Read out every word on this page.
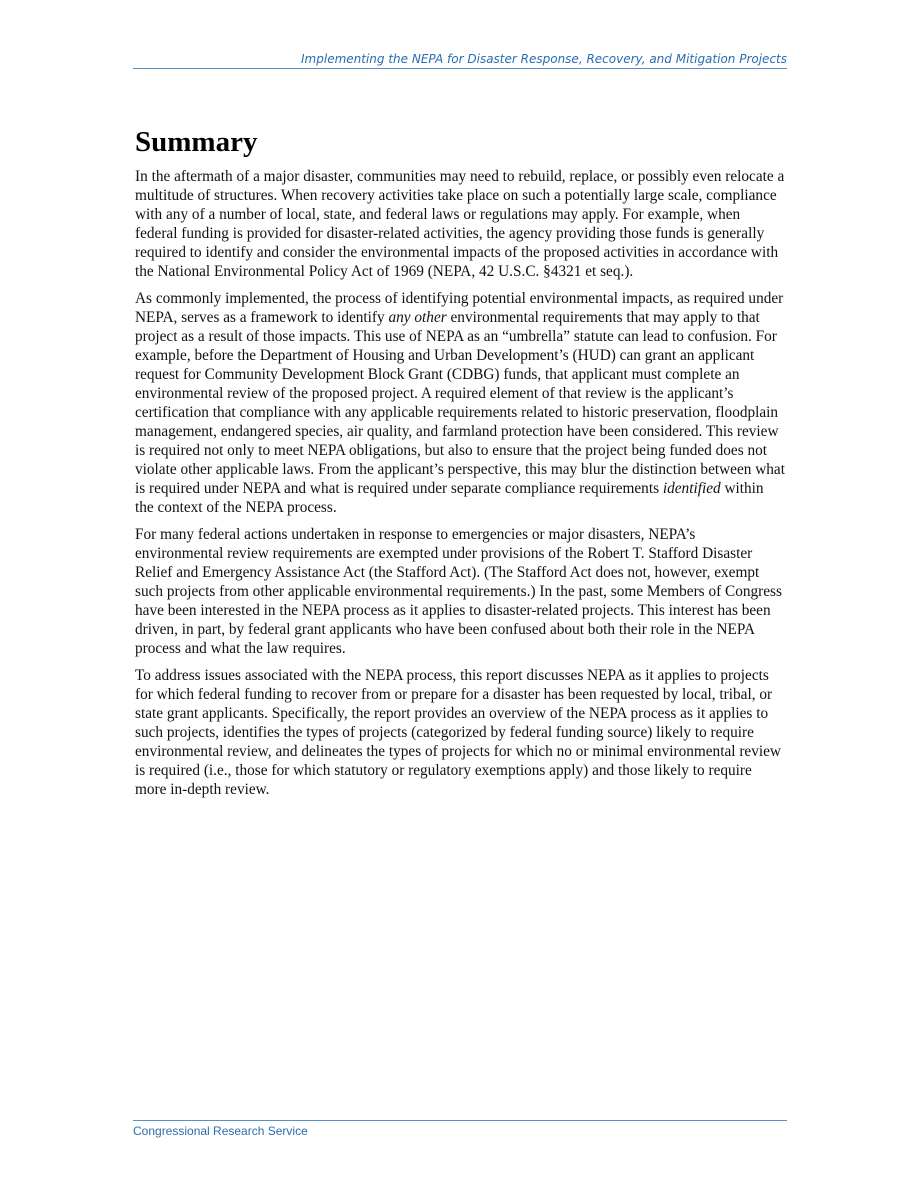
Implementing the NEPA for Disaster Response, Recovery, and Mitigation Projects
Summary

In the aftermath of a major disaster, communities may need to rebuild, replace, or possibly even relocate a multitude of structures. When recovery activities take place on such a potentially large scale, compliance with any of a number of local, state, and federal laws or regulations may apply. For example, when federal funding is provided for disaster-related activities, the agency providing those funds is generally required to identify and consider the environmental impacts of the proposed activities in accordance with the National Environmental Policy Act of 1969 (NEPA, 42 U.S.C. §4321 et seq.).

As commonly implemented, the process of identifying potential environmental impacts, as required under NEPA, serves as a framework to identify any other environmental requirements that may apply to that project as a result of those impacts. This use of NEPA as an “umbrella” statute can lead to confusion. For example, before the Department of Housing and Urban Development’s (HUD) can grant an applicant request for Community Development Block Grant (CDBG) funds, that applicant must complete an environmental review of the proposed project. A required element of that review is the applicant’s certification that compliance with any applicable requirements related to historic preservation, floodplain management, endangered species, air quality, and farmland protection have been considered. This review is required not only to meet NEPA obligations, but also to ensure that the project being funded does not violate other applicable laws. From the applicant’s perspective, this may blur the distinction between what is required under NEPA and what is required under separate compliance requirements identified within the context of the NEPA process.

For many federal actions undertaken in response to emergencies or major disasters, NEPA’s environmental review requirements are exempted under provisions of the Robert T. Stafford Disaster Relief and Emergency Assistance Act (the Stafford Act). (The Stafford Act does not, however, exempt such projects from other applicable environmental requirements.) In the past, some Members of Congress have been interested in the NEPA process as it applies to disaster-related projects. This interest has been driven, in part, by federal grant applicants who have been confused about both their role in the NEPA process and what the law requires.

To address issues associated with the NEPA process, this report discusses NEPA as it applies to projects for which federal funding to recover from or prepare for a disaster has been requested by local, tribal, or state grant applicants. Specifically, the report provides an overview of the NEPA process as it applies to such projects, identifies the types of projects (categorized by federal funding source) likely to require environmental review, and delineates the types of projects for which no or minimal environmental review is required (i.e., those for which statutory or regulatory exemptions apply) and those likely to require more in-depth review.

Congressional Research Service
